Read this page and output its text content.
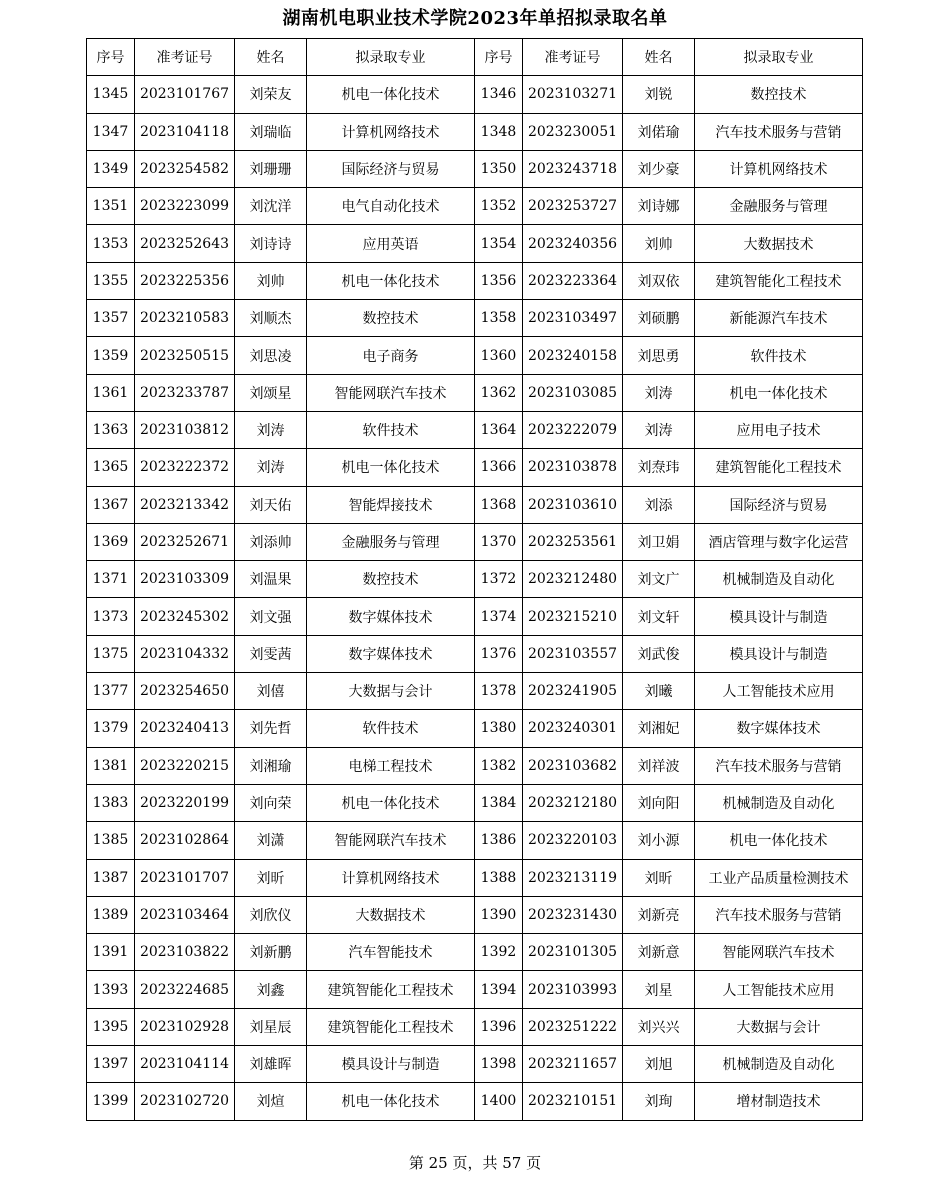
湖南机电职业技术学院2023年单招拟录取名单
序号	准考证号	姓名	拟录取专业	序号	准考证号	姓名	拟录取专业
1345	2023101767	刘荣友	机电一体化技术	1346	2023103271	刘锐	数控技术
1347	2023104118	刘瑞临	计算机网络技术	1348	2023230051	刘偌瑜	汽车技术服务与营销
1349	2023254582	刘珊珊	国际经济与贸易	1350	2023243718	刘少豪	计算机网络技术
1351	2023223099	刘沈洋	电气自动化技术	1352	2023253727	刘诗娜	金融服务与管理
1353	2023252643	刘诗诗	应用英语	1354	2023240356	刘帅	大数据技术
1355	2023225356	刘帅	机电一体化技术	1356	2023223364	刘双依	建筑智能化工程技术
1357	2023210583	刘顺杰	数控技术	1358	2023103497	刘硕鹏	新能源汽车技术
1359	2023250515	刘思凌	电子商务	1360	2023240158	刘思勇	软件技术
1361	2023233787	刘颂星	智能网联汽车技术	1362	2023103085	刘涛	机电一体化技术
1363	2023103812	刘涛	软件技术	1364	2023222079	刘涛	应用电子技术
1365	2023222372	刘涛	机电一体化技术	1366	2023103878	刘焘玮	建筑智能化工程技术
1367	2023213342	刘天佑	智能焊接技术	1368	2023103610	刘添	国际经济与贸易
1369	2023252671	刘添帅	金融服务与管理	1370	2023253561	刘卫娟	酒店管理与数字化运营
1371	2023103309	刘温果	数控技术	1372	2023212480	刘文广	机械制造及自动化
1373	2023245302	刘文强	数字媒体技术	1374	2023215210	刘文轩	模具设计与制造
1375	2023104332	刘雯茜	数字媒体技术	1376	2023103557	刘武俊	模具设计与制造
1377	2023254650	刘僖	大数据与会计	1378	2023241905	刘曦	人工智能技术应用
1379	2023240413	刘先哲	软件技术	1380	2023240301	刘湘妃	数字媒体技术
1381	2023220215	刘湘瑜	电梯工程技术	1382	2023103682	刘祥波	汽车技术服务与营销
1383	2023220199	刘向荣	机电一体化技术	1384	2023212180	刘向阳	机械制造及自动化
1385	2023102864	刘潇	智能网联汽车技术	1386	2023220103	刘小源	机电一体化技术
1387	2023101707	刘昕	计算机网络技术	1388	2023213119	刘昕	工业产品质量检测技术
1389	2023103464	刘欣仪	大数据技术	1390	2023231430	刘新亮	汽车技术服务与营销
1391	2023103822	刘新鹏	汽车智能技术	1392	2023101305	刘新意	智能网联汽车技术
1393	2023224685	刘鑫	建筑智能化工程技术	1394	2023103993	刘星	人工智能技术应用
1395	2023102928	刘星辰	建筑智能化工程技术	1396	2023251222	刘兴兴	大数据与会计
1397	2023104114	刘雄晖	模具设计与制造	1398	2023211657	刘旭	机械制造及自动化
1399	2023102720	刘煊	机电一体化技术	1400	2023210151	刘珣	增材制造技术
第 25 页，共 57 页
